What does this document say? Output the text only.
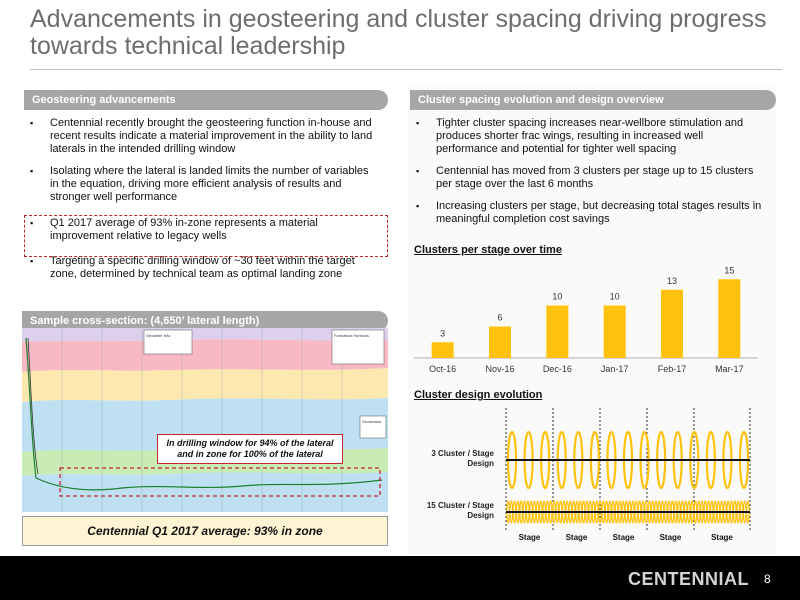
Advancements in geosteering and cluster spacing driving progress towards technical leadership
Geosteering advancements
▪ Centennial recently brought the geosteering function in-house and recent results indicate a material improvement in the ability to land laterals in the intended drilling window
▪ Isolating where the lateral is landed limits the number of variables in the equation, driving more efficient analysis of results and stronger well performance
▪ Q1 2017 average of 93% in-zone represents a material improvement relative to legacy wells
▪ Targeting a specific drilling window of ~30 feet within the target zone, determined by technical team as optimal landing zone
Sample cross-section: (4,650’ lateral length)
Geosteer Info	Formation Horizons
Geosensor
In drilling window for 94% of the lateral and in zone for 100% of the lateral
Centennial Q1 2017 average: 93% in zone
Cluster spacing evolution and design overview
▪ Tighter cluster spacing increases near-wellbore stimulation and produces shorter frac wings, resulting in increased well performance and potential for tighter well spacing
▪ Centennial has moved from 3 clusters per stage up to 15 clusters per stage over the last 6 months
▪ Increasing clusters per stage, but decreasing total stages results in meaningful completion cost savings
Clusters per stage over time
3
Oct-16
6
Nov-16
10
Dec-16
10
Jan-17
13
Feb-17
15
Mar-17
Cluster design evolution
3 Cluster / Stage Design
15 Cluster / Stage Design
Stage	Stage	Stage	Stage	Stage
CENTENNIAL 8
